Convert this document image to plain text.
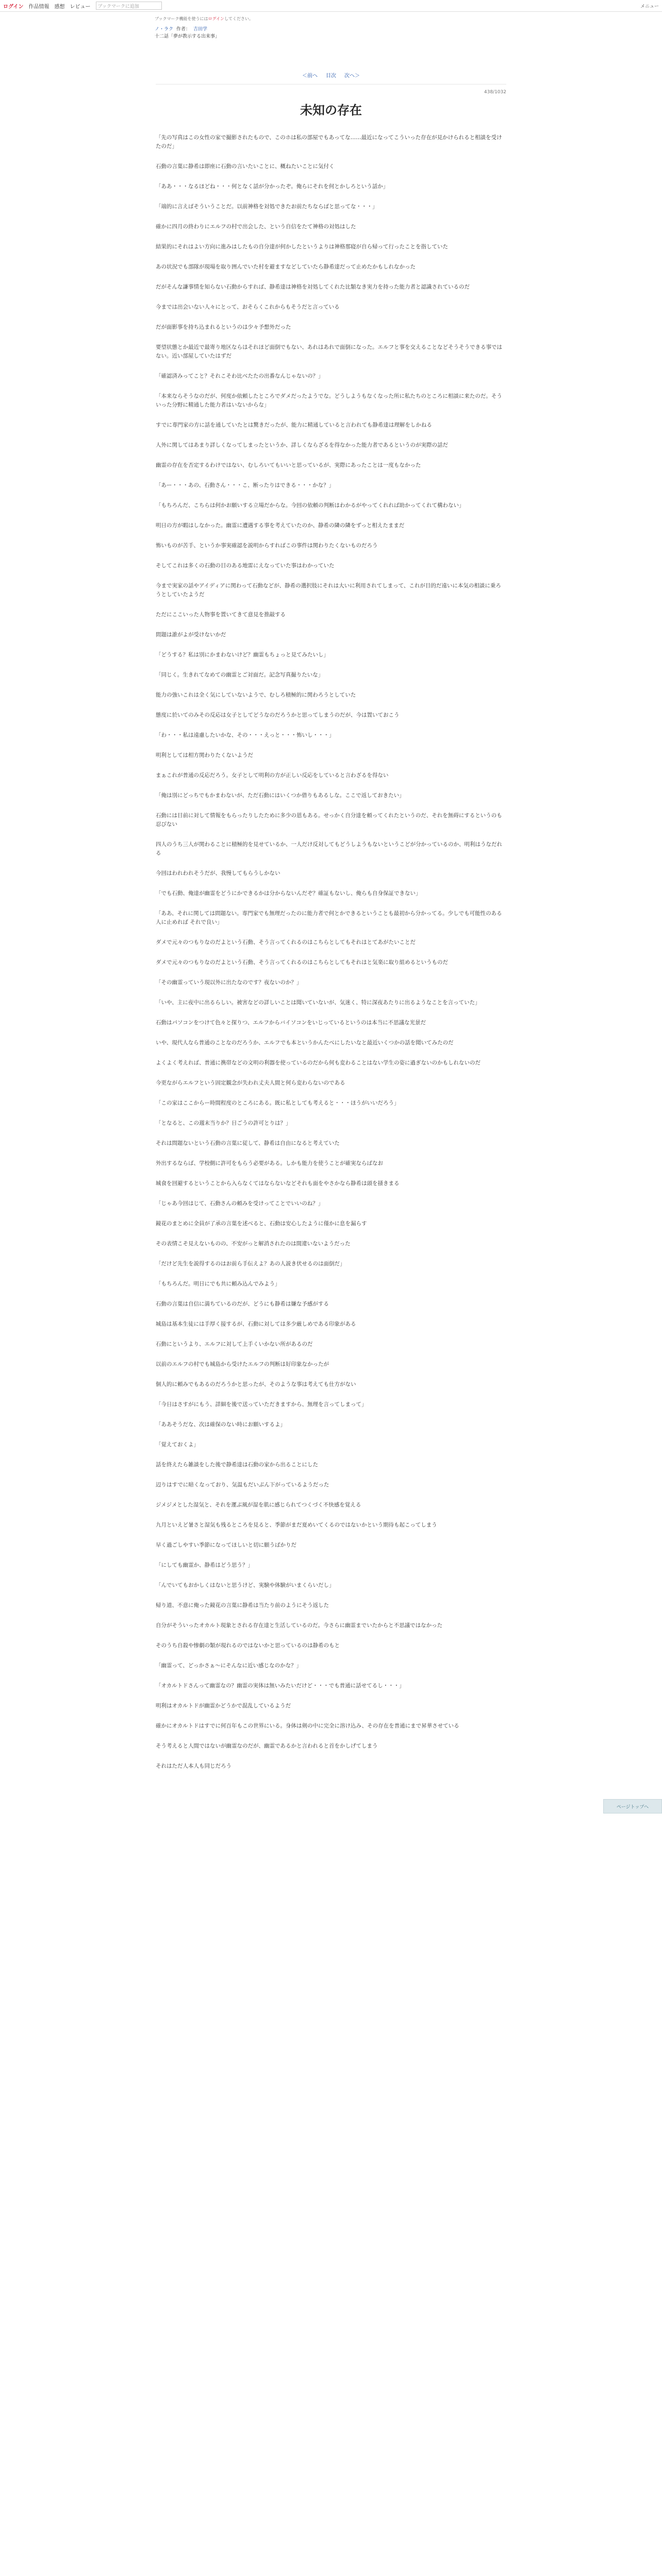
ログイン 作品情報 感想 レビュー	ブックマークに追加	メニュー
ブックマーク機能を使うにはログインしてください。
ノ・ラク 作者： 吉田学
十二話「夢が教示する出来事」
＜前へ 目次 次へ＞
438/1032
未知の存在

「先の写真はこの女性の家で撮影されたもので、このホは私の部屋でもあってな……最近になってこういった存在が見かけられると相談を受けたのだ」

石動の言葉に静希は即座に石動の言いたいことに、概ねたいことに気付く

「ああ・・・なるほどね・・・何となく話が分かったぞ。俺らにそれを何とかしろという話か」

「端的に言えばそういうことだ。以前神格を対処できたお前たちならばと思ってな・・・」

確かに四月の終わりにエルフの村で出会した、という自信をたて神格の対処はした

結果的にそれはよい方向に進みはしたもの自分達が何かしたというよりは神格那寝が自ら帰って行ったことを指していた

あの状況でも部隊が現場を取り囲んでいた村を避ますなどしていたら静希達だって止めたかもしれなかった

だがそんな謙事情を知らない石動からすれば、静希達は神格を対処してくれた比類なき実力を持った能力者と認識されているのだ

今までは出会いない人々にとって、おそらくこれからもそうだと言っている

だが面影事を持ち込まれるというのは少々予想外だった

要望状態とか最近で最寄り地区ならはそれほど面倒でもない、あれはあれで面倒になった。エルフと事を交えることなどそうそうできる事ではない。近い部屋していたはずだ

「確認済みってこと？それこそわ比べたたの出番なんじゃないの？」

「本来ならそうなのだが、何度か依頼したところでダメだったようでな。どうしようもなくなった所に私たちのところに相談に来たのだ。そういった分野に精通した能力者はいないからな」

すでに専門家の方に話を通していたとは驚きだったが、能力に精通していると言われても静希達は理解をしかねる

人外に関してはあまり詳しくなってしまったというか、詳しくならざるを得なかった能力者であるというのが実際の話だ

幽霊の存在を否定するわけではない、むしろいてもいいと思っているが、実際にあったことは一度もなかった

「あー・・・あの、石動さん・・・こ、断ったりはできる・・・かな？」

「もちろんだ、こちらは何かお願いする立場だからな。今回の依頼の判断はわかるがやってくれれば助かってくれて構わない」

明日の方が暇はしなかった。幽霊に遭遇する事を考えていたのか、静希の隣の隣をずっと相えたままだ

怖いものが苦手、というか事実確認を説明からすればこの事件は関わりたくないものだろう

そしてこれは多くの石動の目のある地雷にえなっていた事はわかっていた

今まで実家の話やアイディアに関わって石動などが、静希の選択肢にそれは大いに利用されてしまって、これが目的だ遠いに本気の相談に乗ろうとしていたようだ

ただにここいった人物事を置いてきて意見を推敲する

問題は誰がよが受けないかだ

「どうする？私は別にかまわないけど？幽霊もちょっと見てみたいし」

「同じく。生きれてなめての幽霊とご対面だ。記念写真撮りたいな」

能力の強いこれは全く気にしていないようで、むしろ積極的に関わろうとしていた

態度に於いてのみその反応は女子としてどうなのだろうかと思ってしまうのだが、今は置いておこう

「わ・・・私は遠慮したいかな、その・・・えっと・・・怖いし・・・」

明利としては相方関わりたくないようだ

まぁこれが普通の反応だろう。女子として明利の方が正しい反応をしていると言わざるを得ない

「俺は別にどっちでもかまわないが、ただ石動にはいくつか借りもあるしな。ここで返しておきたい」

石動には目前に対して情報をもらったりしたために多少の恩もある。せっかく自分達を頼ってくれたというのだ、それを無碍にするというのも忍びない

四人のうち三人が関わることに積極的を見せているか、一人だけ反対してもどうしようもないというこどが分かっているのか、明利はうなだれる

今回はわれわれそうだが、我慢してもらうしかない

「でも石動、俺達が幽霊をどうにかできるかは分からないんだぞ？確証もないし、俺らも自身保証できない」

「ああ、それに関しては問題ない。専門家でも無理だったのに能力者で何とかできるということも最初から分かってる。少しでも可能性のある人に止めれば それで良い」

ダメで元々のつもりなのだよという石動、そう言ってくれるのはこちらとしてもそれはとてあがたいことだ

ダメで元々のつもりなのだよという石動、そう言ってくれるのはこちらとしてもそれはと気楽に取り組めるというものだ

「その幽霊っていう現以外に出たなのです？夜ないのか？」

「いや、主に夜中に出るらしい。被害などの詳しいことは聞いていないが、気迷く、特に深夜あたりに出るようなことを言っていた」

石動はパソコンをつけて色々と探りつ、エルフからバイソコンをいじっているというのは本当に不思議な光景だ

いや、現代人なら普通のことなのだろうか、エルフでも本というかんたべにしたいなと最近いくつかの話を聞いてみたのだ

よくよく考えれば、普通に携帯などの文明の利器を使っているのだから何も変わることはない学生の姿に過ぎないのかもしれないのだ

今更ながらエルフという固定観念が失われ丈夫人間と何ら変わらないのである

「この家はここからー時間程度のところにある。既に私としても考えると・・・ほうがいいだろう」

「となると、この週末当りか？日ごうの許可とりは？」

それは問題ないという石動の言葉に従して、静希は自由になると考えていた

外出するならば、学校側に許可をもらう必要がある。しかも能力を使うことが確実ならばなお

城食を回避するということから入らなくてはならないなどそれも面をやさかなら静希は頭を掻きまる

「じゃあ今回はじて、石動さんの頼みを受けってことでいいのね？」

鏡花のまとめに全員が了承の言葉を述べると、石動は安心したように僅かに息を漏らす

その表情こそ見えないものの、不安がっと解消されたのは間違いないようだった

「だけど先生を説得するのはお前ら手伝えよ？あの人説き伏せるのは面倒だ」

「もちろんだ。明日にでも共に頼み込んでみよう」

石動の言葉は自信に満ちているのだが、どうにも静希は嫌な予感がする

城島は基本生徒には手厚く接するが、石動に対しては多少厳しめである印象がある

石動にというより、エルフに対して上手くいかない所があるのだ

以前のエルフの村でも城島から受けたエルフの判断は好印象なかったが

個人的に頼みでもあるのだろうかと思ったが、そのような事は考えても仕方がない

「今日はさすがにもう、詳細を後で送っていただきますから、無理を言ってしまって」

「ああそうだな、次は確保のない時にお願いするよ」

「覚えておくよ」

話を終えたら雑談をした後で静希達は石動の家から出ることにした

辺りはすでに暗くなっており、気温もだいぶん下がっているようだった

ジメジメとした湿気と、それを運ぶ風が湿を肌に感じられてつくづく不快感を覚える

九月といえど暑さと湿気も残るところを見ると、季節がまだ夏めいてくるのではないかという期待も起こってしまう

早く過ごしやすい季節になってほしいと切に願うばかりだ

「にしても幽霊か、静希はどう思う？」

「んでいてもおかしくはないと思うけど、実験や体験がいまくらいだし」

帰り道、不意に俺った鏡花の言葉に静希は当たり前のようにそう返した

自分がそういったオカルト現象とされる存在達と生活しているのだ。今さらに幽霊までいたからと不思議ではなかった

そのうち自殺や惨劇の類が現れるのではないかと思っているのは静希のもと

「幽霊って、どっかさぁ〜にそんなに近い感じなのかな？」

「オカルトドさんって幽霊なの？幽霊の実体は無いみたいだけど・・・でも普通に話せてるし・・・」

明利はオカルトドが幽霊かどうかで混乱しているようだ

確かにオカルトドはすでに何百年もこの世界にいる。身体は剣の中に完全に溶け込み、その存在を普通にまで昇華させている

そう考えると人間ではないが幽霊なのだが、幽霊であるかと言われると首をかしげてしまう

それはただ人本人も同じだろう

ページトップへ
